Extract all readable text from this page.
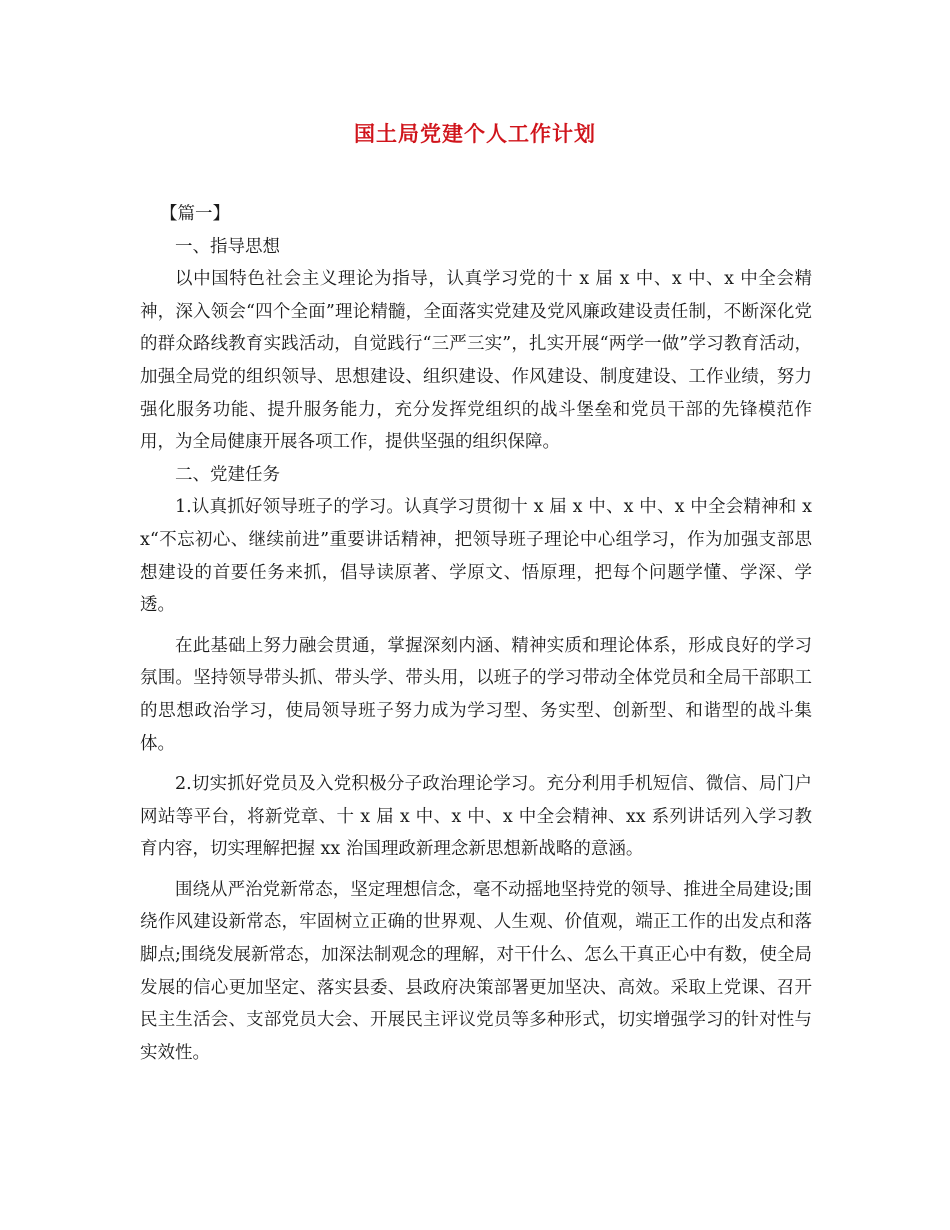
国土局党建个人工作计划

【篇一】

一、指导思想

以中国特色社会主义理论为指导，认真学习党的十 x 届 x 中、x 中、x 中全会精神，深入领会“四个全面”理论精髓，全面落实党建及党风廉政建设责任制，不断深化党的群众路线教育实践活动，自觉践行“三严三实”，扎实开展“两学一做”学习教育活动，加强全局党的组织领导、思想建设、组织建设、作风建设、制度建设、工作业绩，努力强化服务功能、提升服务能力，充分发挥党组织的战斗堡垒和党员干部的先锋模范作用，为全局健康开展各项工作，提供坚强的组织保障。

二、党建任务

1.认真抓好领导班子的学习。认真学习贯彻十 x 届 x 中、x 中、x 中全会精神和 xx“不忘初心、继续前进”重要讲话精神，把领导班子理论中心组学习，作为加强支部思想建设的首要任务来抓，倡导读原著、学原文、悟原理，把每个问题学懂、学深、学透。

在此基础上努力融会贯通，掌握深刻内涵、精神实质和理论体系，形成良好的学习氛围。坚持领导带头抓、带头学、带头用，以班子的学习带动全体党员和全局干部职工的思想政治学习，使局领导班子努力成为学习型、务实型、创新型、和谐型的战斗集体。

2.切实抓好党员及入党积极分子政治理论学习。充分利用手机短信、微信、局门户网站等平台，将新党章、十 x 届 x 中、x 中、x 中全会精神、xx 系列讲话列入学习教育内容，切实理解把握 xx 治国理政新理念新思想新战略的意涵。

围绕从严治党新常态，坚定理想信念，毫不动摇地坚持党的领导、推进全局建设;围绕作风建设新常态，牢固树立正确的世界观、人生观、价值观，端正工作的出发点和落脚点;围绕发展新常态，加深法制观念的理解，对干什么、怎么干真正心中有数，使全局发展的信心更加坚定、落实县委、县政府决策部署更加坚决、高效。采取上党课、召开民主生活会、支部党员大会、开展民主评议党员等多种形式，切实增强学习的针对性与实效性。
